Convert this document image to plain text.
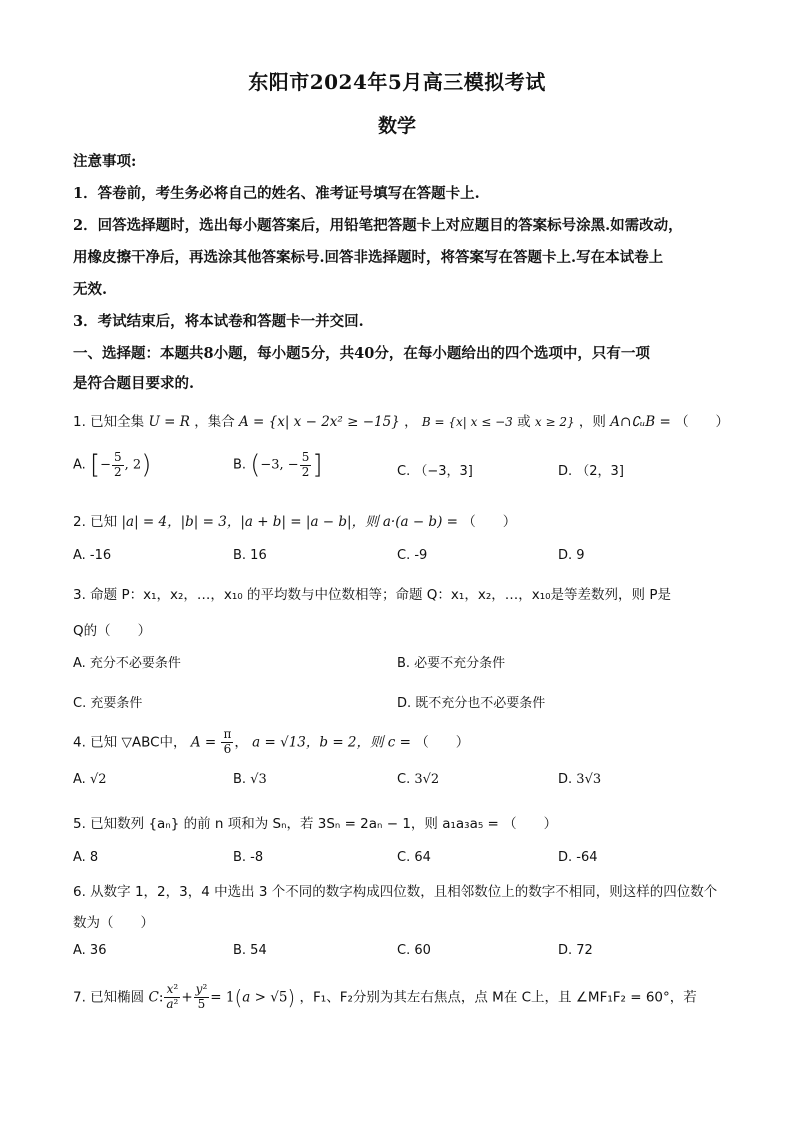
东阳市2024年5月高三模拟考试
数学
注意事项:
1．答卷前，考生务必将自己的姓名、准考证号填写在答题卡上.
2．回答选择题时，选出每小题答案后，用铅笔把答题卡上对应题目的答案标号涂黑.如需改动，
用橡皮擦干净后，再选涂其他答案标号.回答非选择题时，将答案写在答题卡上.写在本试卷上
无效.
3．考试结束后，将本试卷和答题卡一并交回.
一、选择题：本题共8小题，每小题5分，共40分，在每小题给出的四个选项中，只有一项
是符合题目要求的.
1. 已知全集 U = R ，集合 A = {x| x − 2x² ≥ −15} ， B = {x| x ≤ −3 或 x ≥ 2} ，则 A∩∁ᵤB = （　　）
A. [− $\frac{5}{2}$ , 2)	B. (−3, − $\frac{5}{2}$ ]	C. （−3，3]	D. （2，3]
2. 已知 |a| = 4，|b| = 3，|a + b| = |a − b|，则 a·(a − b) = （　　）
A. -16	B. 16	C. -9	D. 9
3. 命题 P：x₁，x₂，…，x₁₀ 的平均数与中位数相等；命题 Q：x₁，x₂，…，x₁₀是等差数列，则 P是
Q的（　　）
A. 充分不必要条件	B. 必要不充分条件
C. 充要条件	D. 既不充分也不必要条件
4. 已知 ▽ABC中， $A = \frac{\pi}{6}$ ， a = √13，b = 2，则 c = （　　）
A. √2	B. √3	C. 3√2	D. 3√3
5. 已知数列 {aₙ} 的前 n 项和为 Sₙ，若 3Sₙ = 2aₙ − 1，则 a₁a₃a₅ = （　　）
A. 8	B. -8	C. 64	D. -64
6. 从数字 1，2，3，4 中选出 3 个不同的数字构成四位数，且相邻数位上的数字不相同，则这样的四位数个
数为（　　）
A. 36	B. 54	C. 60	D. 72
7. 已知椭圆 C: $\frac{\text{x²}}{\text{a²}} + \frac{\text{y²}}{5} = 1(a > √5)$ ，F₁、F₂分别为其左右焦点，点 M在 C上，且 ∠MF₁F₂ = 60°，若
